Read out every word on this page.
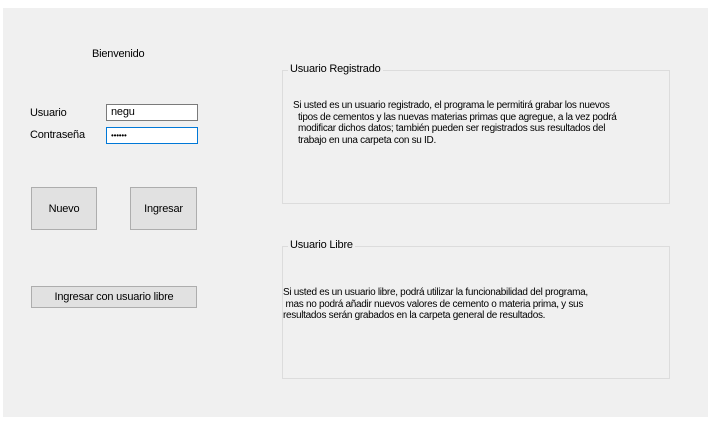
Bienvenido
Usuario	negu
Contraseña	••••••
Nuevo	Ingresar
Ingresar con usuario libre
Usuario Registrado
Si usted es un usuario registrado, el programa le permitirá grabar los nuevos
tipos de cementos y las nuevas materias primas que agregue, a la vez podrá
modificar dichos datos; también pueden ser registrados sus resultados del
trabajo en una carpeta con su ID.
Usuario Libre
Si usted es un usuario libre, podrá utilizar la funcionabilidad del programa,
mas no podrá añadir nuevos valores de cemento o materia prima, y sus
resultados serán grabados en la carpeta general de resultados.
